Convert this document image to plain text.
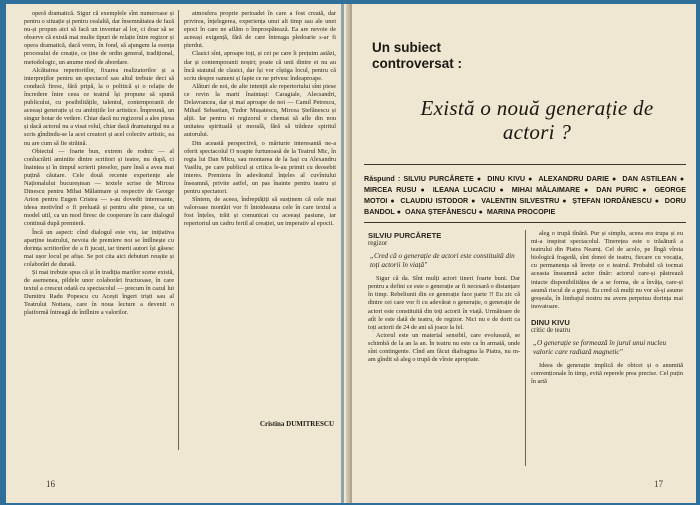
operă dramatică. Sigur că exemplele sînt numeroase și pentru o situație și pentru cealaltă, dar însemnătatea de fază nu-și propun aici să facă un inventar al lor, ci doar să se observe că există mai multe tipuri de relație între regizor și opera dramatică, dacă vrem, în fond, să ajungem la esența procesului de creație, ce ține de ordin general, tradițional, metodologic, un anume mod de abordare.

Alcătuirea repertoriilor, fixarea realizatorilor și a interpreților pentru un spectacol sau altul trebuie deci să conducă firesc, fără pripă, la o politică și o relație de încredere între ceea ce teatrul își propune să spună publicului, cu posibilitățile, talentul, contemporanii de aceeași generație și cu ambițiile lor artistice. Împreună, un singur hotar de vedere. Chiar dacă nu regizorul a ales piesa și dacă actorul nu a visat rolul, chiar dacă dramaturgul nu a scris gîndindu-se la acei creatori și acel colectiv artistic, ea nu are cum să fie străină.

Obiectul — foarte bun, extrem de rodnic — al conlucrării amintite dintre scriitori și teatre, nu după, ci înaintea și în timpul scrierii pieselor, pare însă a avea mai puțină căutare. Cele două recente experiențe ale Naționalului bucureștean — textele scrise de Mircea Dinescu pentru Mihai Mălaimare și respectiv de George Arion pentru Eugen Cristea — s-au dovedit interesante, ideea motivînd o fi preluată și pentru alte piese, ca un model util, ca un mod firesc de cooperare în care dialogul continuă după premieră.

Încă un aspect: cînd dialogul este viu, iar inițiativa aparține teatrului, nevoia de premiere noi se întîlnește cu dorința scriitorilor de a fi jucați, iar tinerii autori își găsesc mai ușor locul pe afișe. Se pot cita aici debuturi reușite și colaborări de durată.

Și mai trebuie spus că și în tradiția marilor scene există, de asemenea, pildele unor colaborări fructuoase, în care textul a crescut odată cu spectacolul — precum în cazul lui Dumitru Radu Popescu cu Acești îngeri triști sau al Teatrului Nottara, care în noua lecture a devenit o platformă întreagă de întîlnire a valorilor.

atmosfera proprie perioadei în care a fost creată, dar privirea, înțelegerea, experiența unui alt timp sau ale unei epoci în care ne aflăm o împrospătează. Ea are nevoie de aceeași exigență, fără de care întreaga pledoarie s-ar fi pierdut.

Clasici sînt, aproape toți, și cei pe care îi prețuim astăzi, dar și contemporanii noștri; poate că unii dintre ei nu au încă statutul de clasici, dar își vor cîștiga locul, pentru că scriu despre oameni și fapte ce ne privesc îndeaproape.

Alături de noi, de alte intenții ale repertoriului sînt piese ce revin la marii înaintași: Caragiale, Alecsandri, Delavrancea, dar și mai aproape de noi — Camil Petrescu, Mihail Sebastian, Tudor Mușatescu, Mircea Ștefănescu și alții. Iar pentru ei regizorul e chemat să afle din nou unitatea spirituală și morală, fără să trădeze spiritul autorului.

Din această perspectivă, o mărturie interesantă ne-a oferit spectacolul O noapte furtunoasă de la Teatrul Mic, în regia lui Dan Micu, sau montarea de la Iași cu Alexandru Vasiliu, pe care publicul și critica le-au primit cu deosebit interes. Premiera în adevăratul înțeles al cuvîntului înseamnă, privite astfel, un pas înainte pentru teatru și pentru spectatori.

Sîntem, de aceea, îndreptățiți să susținem că cele mai valoroase montări vor fi întotdeauna cele în care textul a fost înțeles, trăit și comunicat cu aceeași pasiune, iar repertoriul un cadru fertil al creației, un imperativ al epocii.

Cristina DUMITRESCU
16
Un subiect controversat :
Există o nouă generație de actori ?
Răspund : SILVIU PURCĂRETE ● DINU KIVU ● ALEXANDRU DARIE ● DAN ASTILEAN ● MIRCEA RUSU ● ILEANA LUCACIU ● MIHAI MĂLAIMARE ● DAN PURIC ● GEORGE MOTOI ● CLAUDIU ISTODOR ● VALENTIN SILVESTRU ● ȘTEFAN IORDĂNESCU ● DORU BANDOL ● OANA ȘTEFĂNESCU ● MARINA PROCOPIE
SILVIU PURCĂRETE
regizor
„Cred că o generație de actori este constituită din toți actorii în viață"

Sigur că da. Sînt mulți actori tineri foarte buni. Dar pentru a defini ce este o generație ar fi necesară o distanțare în timp. Rebeliunii din ce generație face parte ?! Eu zic că dintre cei care vor fi cu adevărat o generație, o generație de actori este constituită din toți actorii în viață. Următoare de atît le este dată de teatru, de regizor. Nici nu e de dorit ca toți actorii de 24 de ani să joace la fel.

Actorul este un material sensibil, care evoluează, se schimbă de la an la an. În teatru nu este ca în armată, unde sînt contingente. Cînd am făcut diafragma la Piatra, nu m-am gîndit să aleg o trupă de vîrste apropiate.

aleg o trupă tînără. Pur și simplu, aceea era trupa și eu mi-a inspirat spectacolul. Tinerețea este o trăsătură a teatrului din Piatra Neamț. Cel de acolo, pe lîngă vîrsta biologică fragedă, sînt donoi de teatru, fiecare cu vocația, cu permanența să învețe ce e teatrul. Probabil că tocmai aceasta înseamnă actor tînăr: actorul care-și păstrează intacte disponibilitățea de a se forma, de a învăța, care-și asumă riscul de a greși. Eu cred că mulți nu vor să-și asume greșeala, în limbajul nostru nu avem perpetuu dorința mai inovatoare.

DINU KIVU
critic de teatru
„O generație se formează în jurul unui nucleu valoric care radiază magnetic"

Ideea de generație implică de obicei și o anumită convenționale în timp, evită reperele prea precise. Cel puțin în artă

17
